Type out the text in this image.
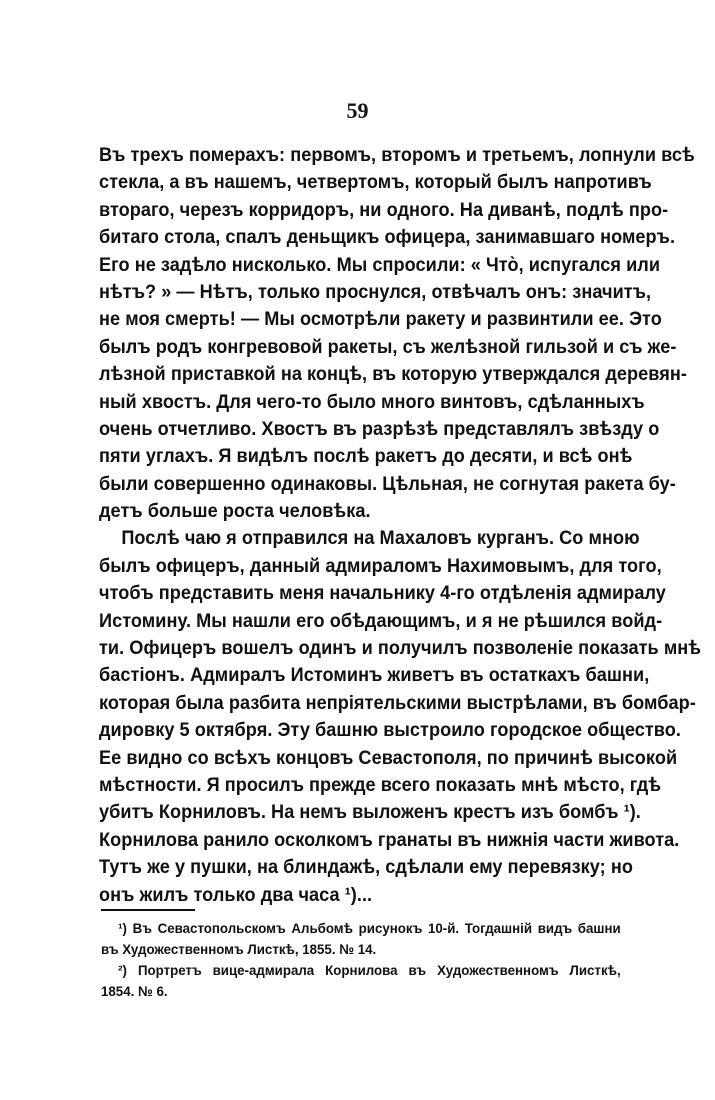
59
Въ трехъ померахъ: первомъ, второмъ и третьемъ, лопнули всѣ
стекла, а въ нашемъ, четвертомъ, который былъ напротивъ
втораго, черезъ корридоръ, ни одного. На диванѣ, подлѣ про-
битаго стола, спалъ деньщикъ офицера, занимавшаго номеръ.
Его не задѣло нисколько. Мы спросили: « Что̀, испугался или
нѣтъ? » — Нѣтъ, только проснулся, отвѣчалъ онъ: значитъ,
не моя смерть! — Мы осмотрѣли ракету и развинтили ее. Это
былъ родъ конгревовой ракеты, съ желѣзной гильзой и съ же-
лѣзной приставкой на концѣ, въ которую утверждался деревян-
ный хвостъ. Для чего-то было много винтовъ, сдѣланныхъ
очень отчетливо. Хвостъ въ разрѣзѣ представлялъ звѣзду о
пяти углахъ. Я видѣлъ послѣ ракетъ до десяти, и всѣ онѣ
были совершенно одинаковы. Цѣльная, не согнутая ракета бу-
детъ больше роста человѣка.
Послѣ чаю я отправился на Махаловъ курганъ. Со мною
былъ офицеръ, данный адмираломъ Нахимовымъ, для того,
чтобъ представить меня начальнику 4-го отдѣленія адмиралу
Истомину. Мы нашли его обѣдающимъ, и я не рѣшился войд-
ти. Офицеръ вошелъ одинъ и получилъ позволенiе показать мнѣ
бастiонъ. Адмиралъ Истоминъ живетъ въ остаткахъ башни,
которая была разбита непрiятельскими выстрѣлами, въ бомбар-
дировку 5 октября. Эту башню выстроило городское общество.
Ее видно со всѣхъ концовъ Севастополя, по причинѣ высокой
мѣстности. Я просилъ прежде всего показать мнѣ мѣсто, гдѣ
убитъ Корниловъ. На немъ выложенъ крестъ изъ бомбъ ¹).
Корнилова ранило осколкомъ гранаты въ нижнiя части живота.
Тутъ же у пушки, на блиндажѣ, сдѣлали ему перевязку; но
онъ жилъ только два часа ¹)...
¹) Въ Севастопольскомъ Альбомѣ рисунокъ 10-й. Тогдашнiй видъ башни
въ Художественномъ Листкѣ, 1855. № 14.
²) Портретъ вице-адмирала Корнилова въ Художественномъ Листкѣ,
1854. № 6.
